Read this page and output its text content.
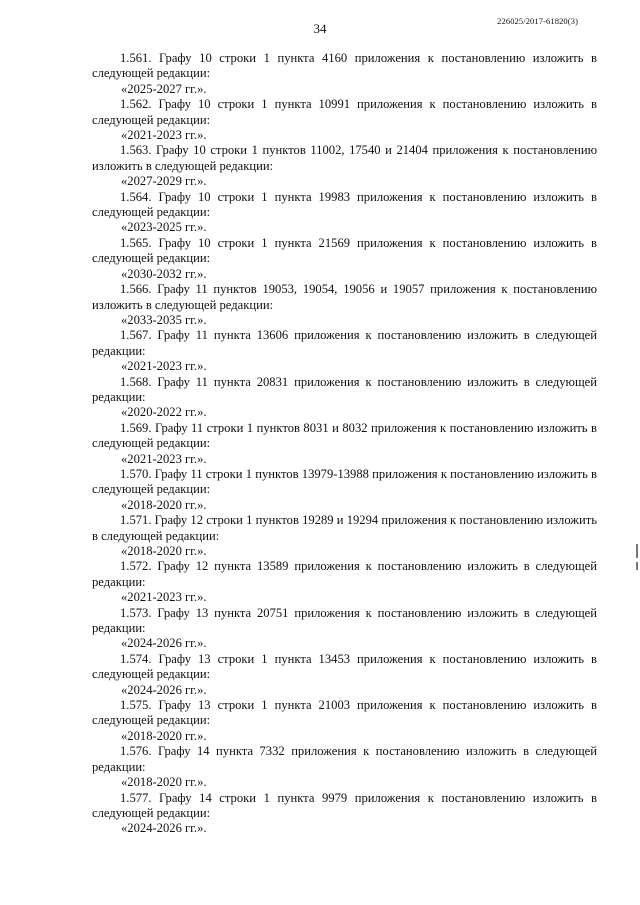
34	226025/2017-61820(3)

1.561. Графу 10 строки 1 пункта 4160 приложения к постановлению изложить в следующей редакции:

«2025-2027 гг.».

1.562. Графу 10 строки 1 пункта 10991 приложения к постановлению изложить в следующей редакции:

«2021-2023 гг.».

1.563. Графу 10 строки 1 пунктов 11002, 17540 и 21404 приложения к постановлению изложить в следующей редакции:

«2027-2029 гг.».

1.564. Графу 10 строки 1 пункта 19983 приложения к постановлению изложить в следующей редакции:

«2023-2025 гг.».

1.565. Графу 10 строки 1 пункта 21569 приложения к постановлению изложить в следующей редакции:

«2030-2032 гг.».

1.566. Графу 11 пунктов 19053, 19054, 19056 и 19057 приложения к постановлению изложить в следующей редакции:

«2033-2035 гг.».

1.567. Графу 11 пункта 13606 приложения к постановлению изложить в следующей редакции:

«2021-2023 гг.».

1.568. Графу 11 пункта 20831 приложения к постановлению изложить в следующей редакции:

«2020-2022 гг.».

1.569. Графу 11 строки 1 пунктов 8031 и 8032 приложения к постановлению изложить в следующей редакции:

«2021-2023 гг.».

1.570. Графу 11 строки 1 пунктов 13979-13988 приложения к постановлению изложить в следующей редакции:

«2018-2020 гг.».

1.571. Графу 12 строки 1 пунктов 19289 и 19294 приложения к постановлению изложить в следующей редакции:

«2018-2020 гг.».

1.572. Графу 12 пункта 13589 приложения к постановлению изложить в следующей редакции:

«2021-2023 гг.».

1.573. Графу 13 пункта 20751 приложения к постановлению изложить в следующей редакции:

«2024-2026 гг.».

1.574. Графу 13 строки 1 пункта 13453 приложения к постановлению изложить в следующей редакции:

«2024-2026 гг.».

1.575. Графу 13 строки 1 пункта 21003 приложения к постановлению изложить в следующей редакции:

«2018-2020 гг.».

1.576. Графу 14 пункта 7332 приложения к постановлению изложить в следующей редакции:

«2018-2020 гг.».

1.577. Графу 14 строки 1 пункта 9979 приложения к постановлению изложить в следующей редакции:

«2024-2026 гг.».
